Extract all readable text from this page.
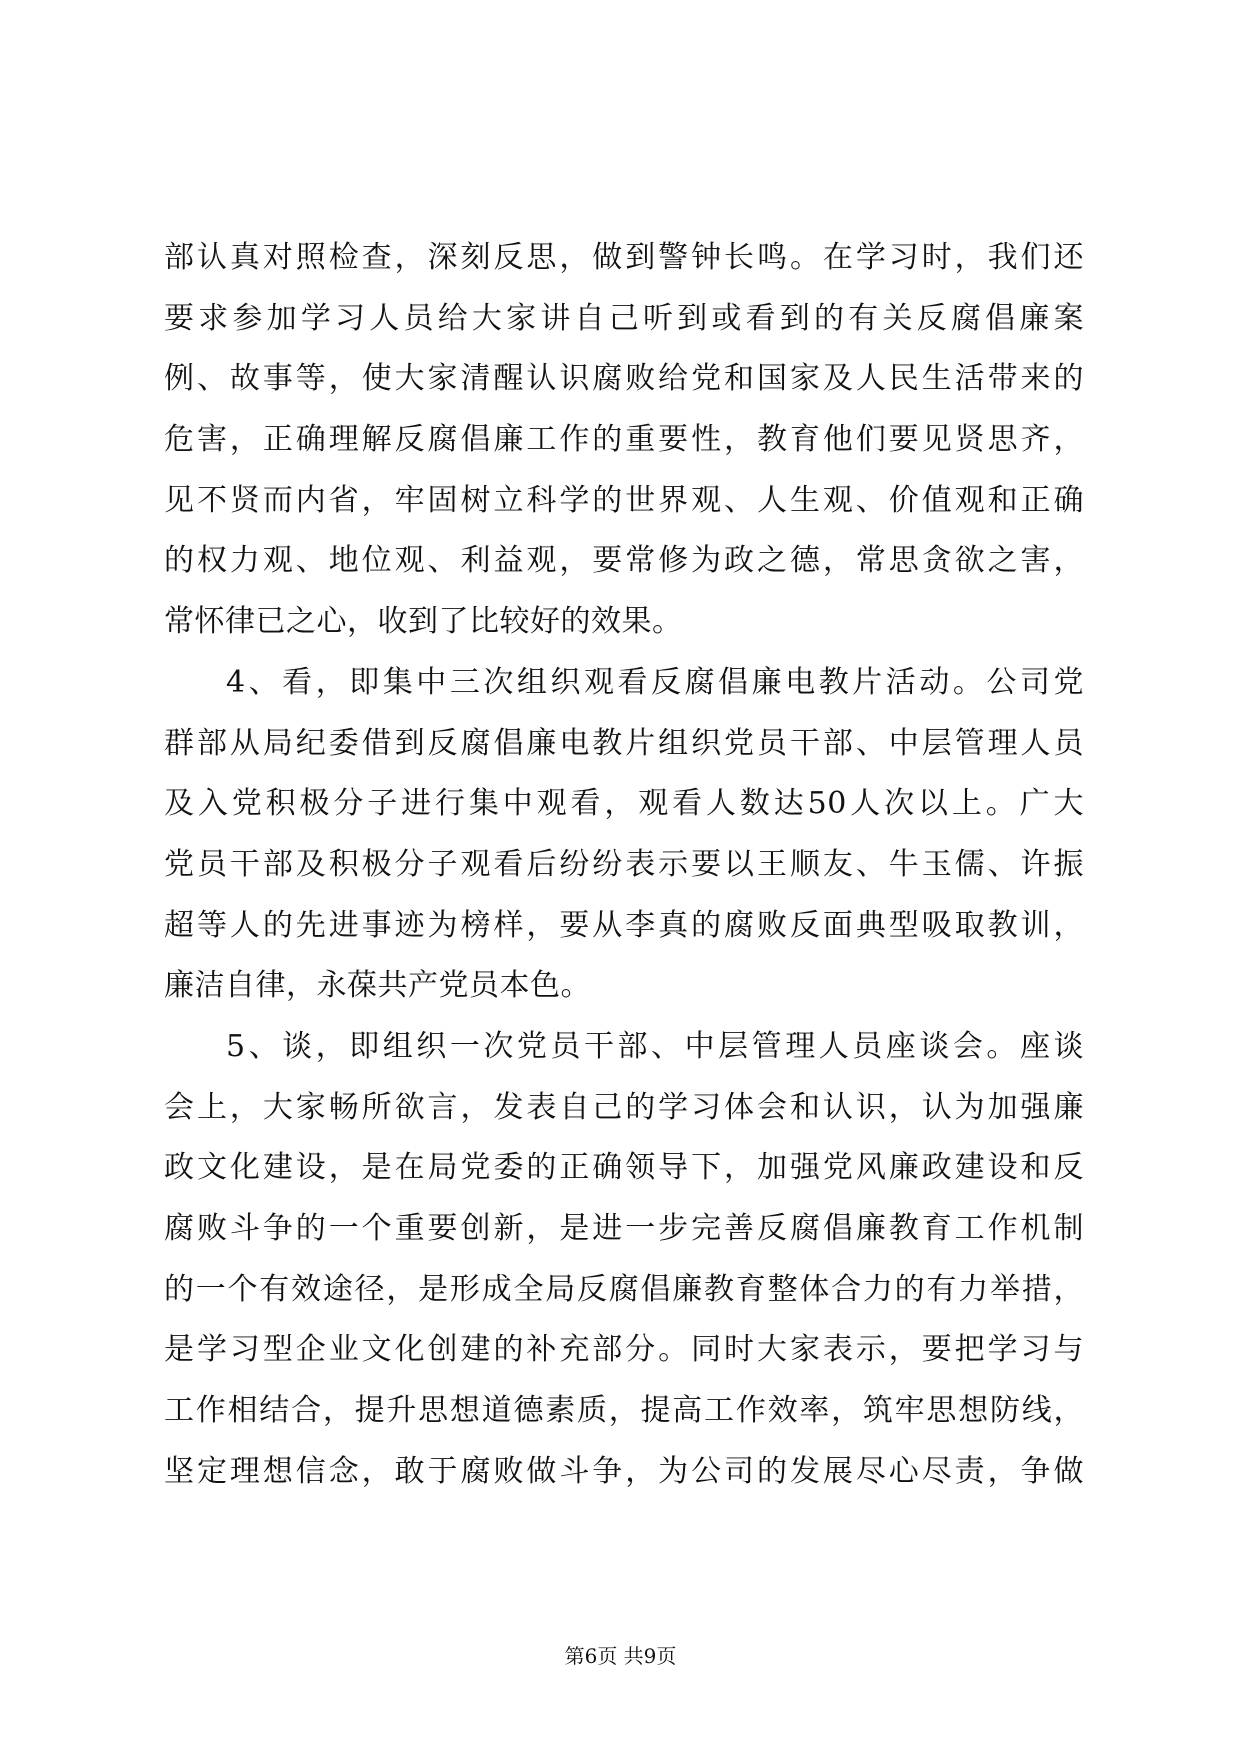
部认真对照检查，深刻反思，做到警钟长鸣。在学习时，我们还
要求参加学习人员给大家讲自己听到或看到的有关反腐倡廉案
例、故事等，使大家清醒认识腐败给党和国家及人民生活带来的
危害，正确理解反腐倡廉工作的重要性，教育他们要见贤思齐，
见不贤而内省，牢固树立科学的世界观、人生观、价值观和正确
的权力观、地位观、利益观，要常修为政之德，常思贪欲之害，
常怀律已之心，收到了比较好的效果。
4、看，即集中三次组织观看反腐倡廉电教片活动。公司党
群部从局纪委借到反腐倡廉电教片组织党员干部、中层管理人员
及入党积极分子进行集中观看，观看人数达50人次以上。广大
党员干部及积极分子观看后纷纷表示要以王顺友、牛玉儒、许振
超等人的先进事迹为榜样，要从李真的腐败反面典型吸取教训，
廉洁自律，永葆共产党员本色。
5、谈，即组织一次党员干部、中层管理人员座谈会。座谈
会上，大家畅所欲言，发表自己的学习体会和认识，认为加强廉
政文化建设，是在局党委的正确领导下，加强党风廉政建设和反
腐败斗争的一个重要创新，是进一步完善反腐倡廉教育工作机制
的一个有效途径，是形成全局反腐倡廉教育整体合力的有力举措，
是学习型企业文化创建的补充部分。同时大家表示，要把学习与
工作相结合，提升思想道德素质，提高工作效率，筑牢思想防线，
坚定理想信念，敢于腐败做斗争，为公司的发展尽心尽责，争做
第6页 共9页
